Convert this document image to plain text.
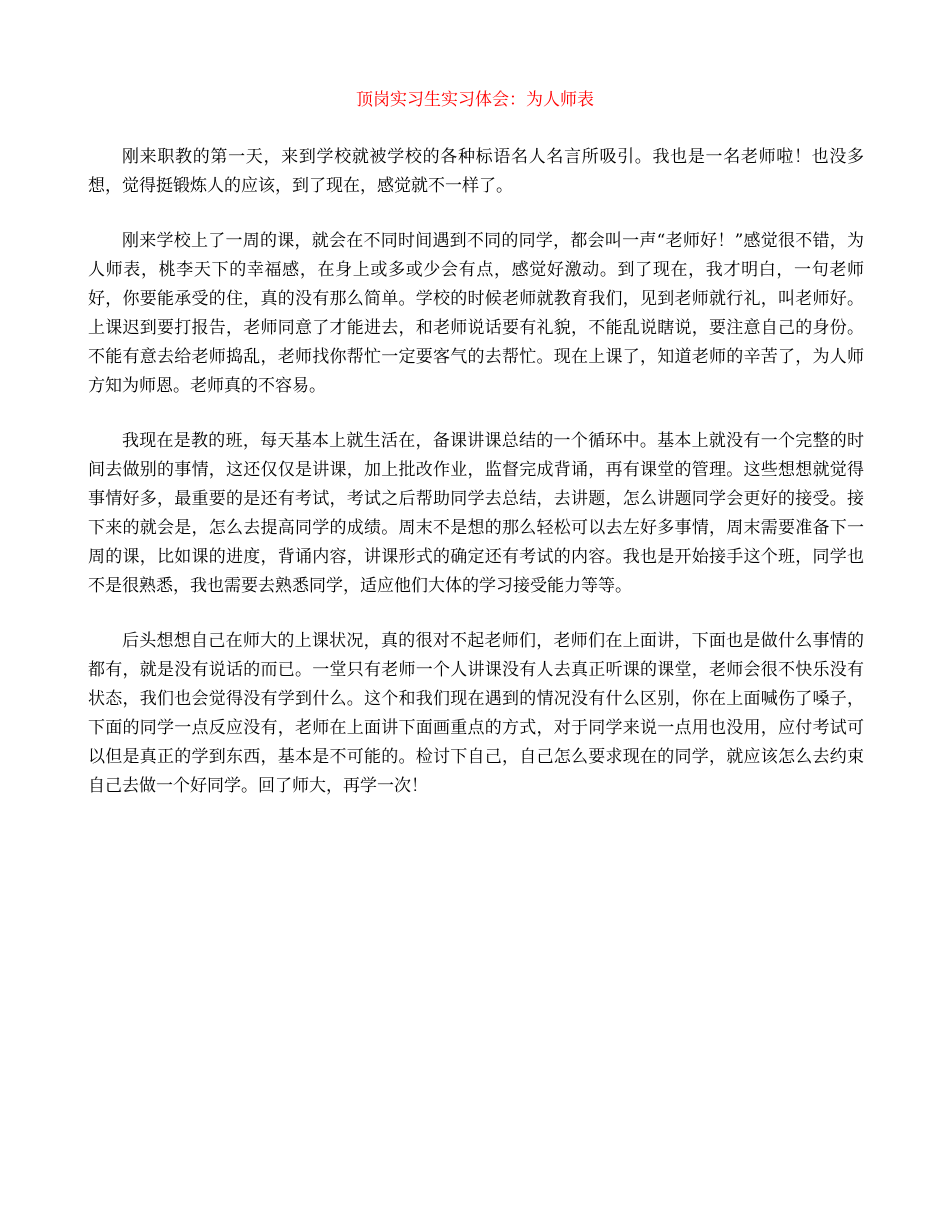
顶岗实习生实习体会：为人师表

刚来职教的第一天，来到学校就被学校的各种标语名人名言所吸引。我也是一名老师啦！也没多想，觉得挺锻炼人的应该，到了现在，感觉就不一样了。

刚来学校上了一周的课，就会在不同时间遇到不同的同学，都会叫一声“老师好！”感觉很不错，为人师表，桃李天下的幸福感，在身上或多或少会有点，感觉好激动。到了现在，我才明白，一句老师好，你要能承受的住，真的没有那么简单。学校的时候老师就教育我们，见到老师就行礼，叫老师好。上课迟到要打报告，老师同意了才能进去，和老师说话要有礼貌，不能乱说瞎说，要注意自己的身份。不能有意去给老师捣乱，老师找你帮忙一定要客气的去帮忙。现在上课了，知道老师的辛苦了，为人师方知为师恩。老师真的不容易。

我现在是教的班，每天基本上就生活在，备课讲课总结的一个循环中。基本上就没有一个完整的时间去做别的事情，这还仅仅是讲课，加上批改作业，监督完成背诵，再有课堂的管理。这些想想就觉得事情好多，最重要的是还有考试，考试之后帮助同学去总结，去讲题，怎么讲题同学会更好的接受。接下来的就会是，怎么去提高同学的成绩。周末不是想的那么轻松可以去左好多事情，周末需要准备下一周的课，比如课的进度，背诵内容，讲课形式的确定还有考试的内容。我也是开始接手这个班，同学也不是很熟悉，我也需要去熟悉同学，适应他们大体的学习接受能力等等。

后头想想自己在师大的上课状况，真的很对不起老师们，老师们在上面讲，下面也是做什么事情的都有，就是没有说话的而已。一堂只有老师一个人讲课没有人去真正听课的课堂，老师会很不快乐没有状态，我们也会觉得没有学到什么。这个和我们现在遇到的情况没有什么区别，你在上面喊伤了嗓子，下面的同学一点反应没有，老师在上面讲下面画重点的方式，对于同学来说一点用也没用，应付考试可以但是真正的学到东西，基本是不可能的。检讨下自己，自己怎么要求现在的同学，就应该怎么去约束自己去做一个好同学。回了师大，再学一次！
